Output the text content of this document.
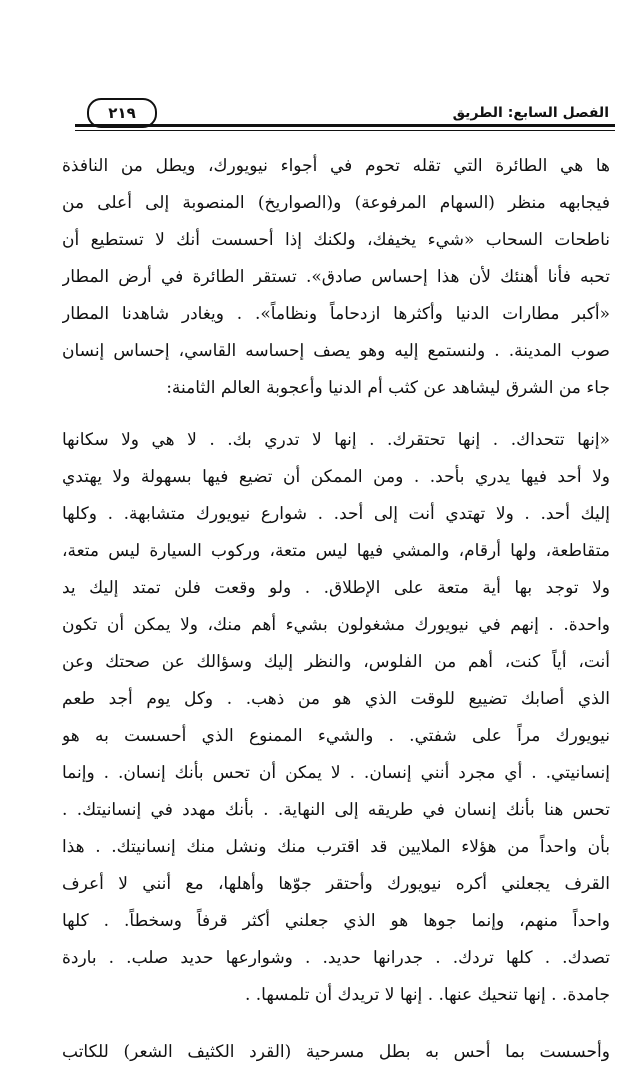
الفصل السابع: الطريق
٢١٩
ها هي الطائرة التي تقله تحوم في أجواء نيويورك، ويطل من النافذة
فيجابهه منظر (السهام المرفوعة) و(الصواريخ) المنصوبة إلى أعلى من
ناطحات السحاب «شيء يخيفك، ولكنك إذا أحسست أنك لا تستطيع أن
تحبه فأنا أهنئك لأن هذا إحساس صادق». تستقر الطائرة في أرض المطار
«أكبر مطارات الدنيا وأكثرها ازدحاماً ونظاماً». . ويغادر شاهدنا المطار
صوب المدينة. . ولنستمع إليه وهو يصف إحساسه القاسي، إحساس إنسان
جاء من الشرق ليشاهد عن كثب أم الدنيا وأعجوبة العالم الثامنة:
«إنها تتحداك. . إنها تحتقرك. . إنها لا تدري بك. . لا هي ولا سكانها
ولا أحد فيها يدري بأحد. . ومن الممكن أن تضيع فيها بسهولة ولا يهتدي
إليك أحد. . ولا تهتدي أنت إلى أحد. . شوارع نيويورك متشابهة. . وكلها
متقاطعة، ولها أرقام، والمشي فيها ليس متعة، وركوب السيارة ليس متعة،
ولا توجد بها أية متعة على الإطلاق. . ولو وقعت فلن تمتد إليك يد
واحدة. . إنهم في نيويورك مشغولون بشيء أهم منك، ولا يمكن أن تكون
أنت، أياً كنت، أهم من الفلوس، والنظر إليك وسؤالك عن صحتك وعن
الذي أصابك تضييع للوقت الذي هو من ذهب. . وكل يوم أجد طعم
نيويورك مراً على شفتي. . والشيء الممنوع الذي أحسست به هو
إنسانيتي. . أي مجرد أنني إنسان. . لا يمكن أن تحس بأنك إنسان. . وإنما
تحس هنا بأنك إنسان في طريقه إلى النهاية. . بأنك مهدد في إنسانيتك. .
بأن واحداً من هؤلاء الملايين قد اقترب منك ونشل منك إنسانيتك. . هذا
القرف يجعلني أكره نيويورك وأحتقر جوّها وأهلها، مع أنني لا أعرف
واحداً منهم، وإنما جوها هو الذي جعلني أكثر قرفاً وسخطاً. . كلها
تصدك. . كلها تردك. . جدرانها حديد. . وشوارعها حديد صلب. . باردة
جامدة. . إنها تنحيك عنها. . إنها لا تريدك أن تلمسها. .
وأحسست بما أحس به بطل مسرحية (القرد الكثيف الشعر) للكاتب
